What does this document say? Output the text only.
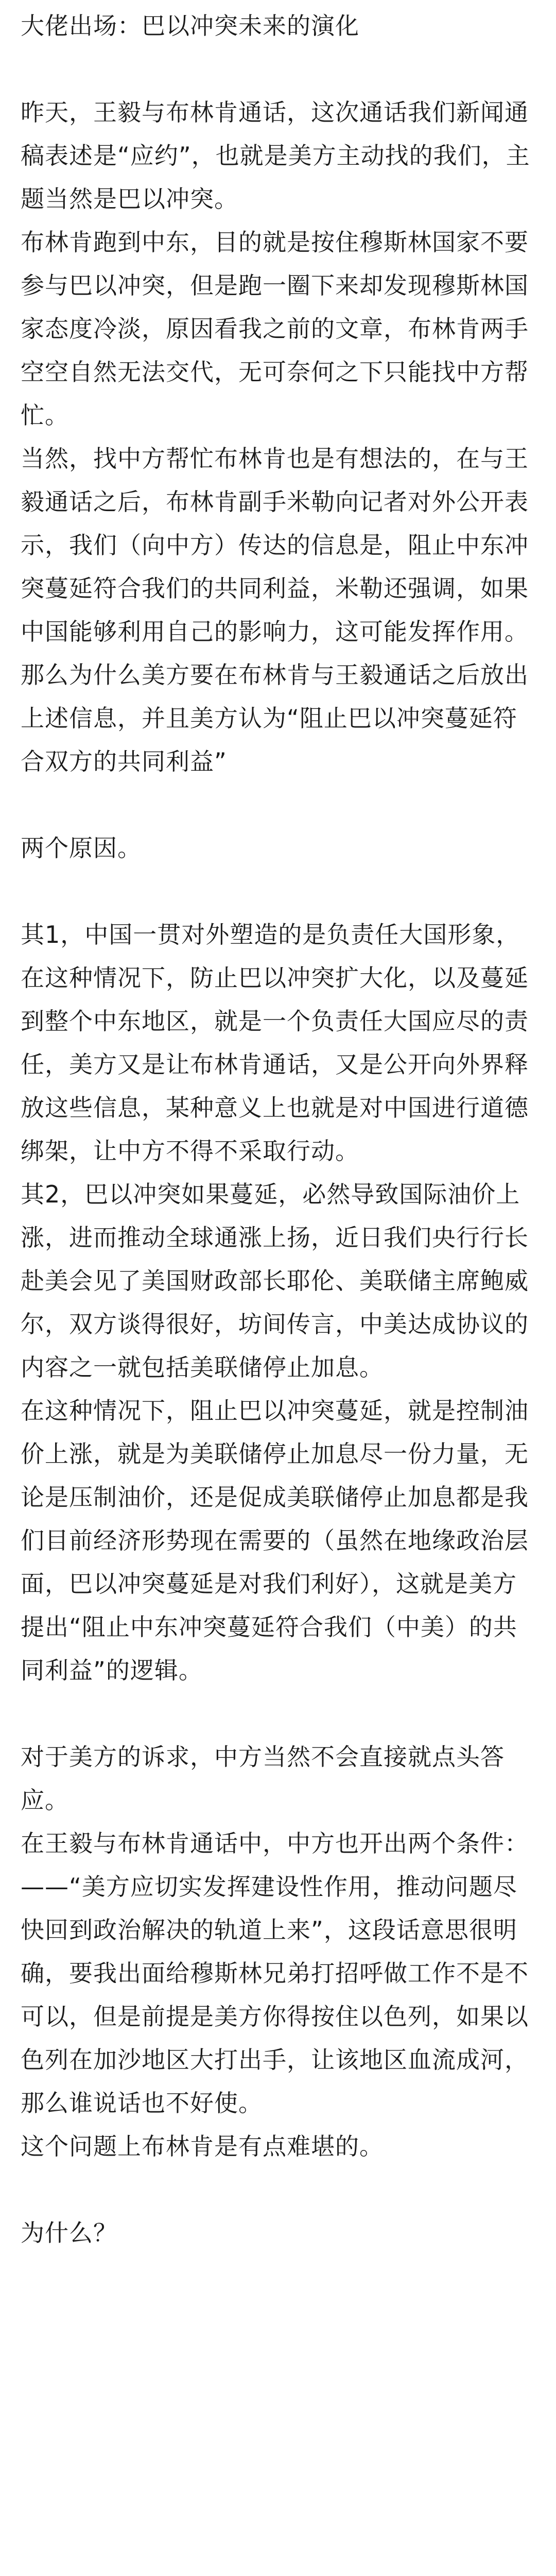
大佬出场：巴以冲突未来的演化

昨天，王毅与布林肯通话，这次通话我们新闻通稿表述是“应约”，也就是美方主动找的我们，主题当然是巴以冲突。

布林肯跑到中东，目的就是按住穆斯林国家不要参与巴以冲突，但是跑一圈下来却发现穆斯林国家态度冷淡，原因看我之前的文章，布林肯两手空空自然无法交代，无可奈何之下只能找中方帮忙。

当然，找中方帮忙布林肯也是有想法的，在与王毅通话之后，布林肯副手米勒向记者对外公开表示，我们（向中方）传达的信息是，阻止中东冲突蔓延符合我们的共同利益，米勒还强调，如果中国能够利用自己的影响力，这可能发挥作用。

那么为什么美方要在布林肯与王毅通话之后放出上述信息，并且美方认为“阻止巴以冲突蔓延符合双方的共同利益”

两个原因。

其1，中国一贯对外塑造的是负责任大国形象，在这种情况下，防止巴以冲突扩大化，以及蔓延到整个中东地区，就是一个负责任大国应尽的责任，美方又是让布林肯通话，又是公开向外界释放这些信息，某种意义上也就是对中国进行道德绑架，让中方不得不采取行动。

其2，巴以冲突如果蔓延，必然导致国际油价上涨，进而推动全球通涨上扬，近日我们央行行长赴美会见了美国财政部长耶伦、美联储主席鲍威尔，双方谈得很好，坊间传言，中美达成协议的内容之一就包括美联储停止加息。

在这种情况下，阻止巴以冲突蔓延，就是控制油价上涨，就是为美联储停止加息尽一份力量，无论是压制油价，还是促成美联储停止加息都是我们目前经济形势现在需要的（虽然在地缘政治层面，巴以冲突蔓延是对我们利好），这就是美方提出“阻止中东冲突蔓延符合我们（中美）的共同利益”的逻辑。

对于美方的诉求，中方当然不会直接就点头答应。

在王毅与布林肯通话中，中方也开出两个条件：

——“美方应切实发挥建设性作用，推动问题尽快回到政治解决的轨道上来”，这段话意思很明确，要我出面给穆斯林兄弟打招呼做工作不是不可以，但是前提是美方你得按住以色列，如果以色列在加沙地区大打出手，让该地区血流成河，那么谁说话也不好使。

这个问题上布林肯是有点难堪的。

为什么？
